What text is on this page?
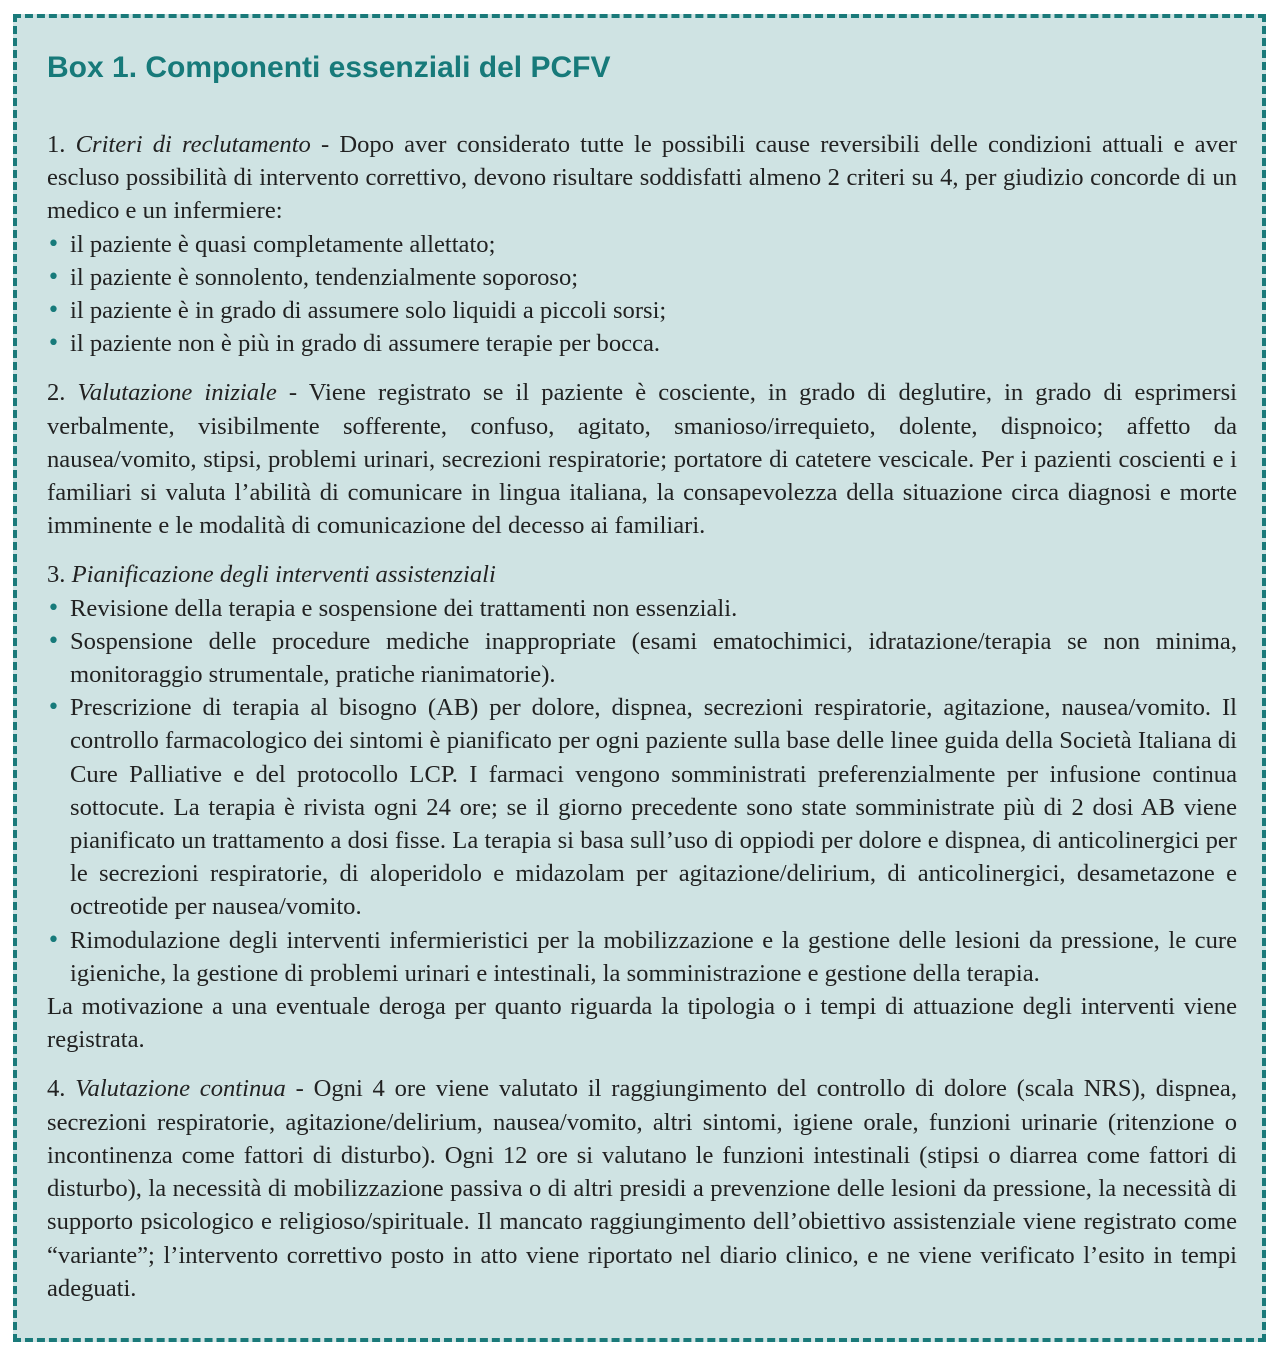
Box 1. Componenti essenziali del PCFV

1. Criteri di reclutamento - Dopo aver considerato tutte le possibili cause reversibili delle condizioni attuali e aver escluso possibilità di intervento correttivo, devono risultare soddisfatti almeno 2 criteri su 4, per giudizio concorde di un medico e un infermiere:

• il paziente è quasi completamente allettato;
• il paziente è sonnolento, tendenzialmente soporoso;
• il paziente è in grado di assumere solo liquidi a piccoli sorsi;
• il paziente non è più in grado di assumere terapie per bocca.

2. Valutazione iniziale - Viene registrato se il paziente è cosciente, in grado di deglutire, in grado di esprimersi verbalmente, visibilmente sofferente, confuso, agitato, smanioso/irrequieto, dolente, dispnoico; affetto da nausea/vomito, stipsi, problemi urinari, secrezioni respiratorie; portatore di catetere vescicale. Per i pazienti coscienti e i familiari si valuta l’abilità di comunicare in lingua italiana, la consapevolezza della situazione circa diagnosi e morte imminente e le modalità di comunicazione del decesso ai familiari.

3. Pianificazione degli interventi assistenziali

• Revisione della terapia e sospensione dei trattamenti non essenziali.
• Sospensione delle procedure mediche inappropriate (esami ematochimici, idratazione/terapia se non minima, monitoraggio strumentale, pratiche rianimatorie).
• Prescrizione di terapia al bisogno (AB) per dolore, dispnea, secrezioni respiratorie, agitazione, nausea/vomito. Il controllo farmacologico dei sintomi è pianificato per ogni paziente sulla base delle linee guida della Società Italiana di Cure Palliative e del protocollo LCP. I farmaci vengono somministrati preferenzialmente per infusione continua sottocute. La terapia è rivista ogni 24 ore; se il giorno precedente sono state somministrate più di 2 dosi AB viene pianificato un trattamento a dosi fisse. La terapia si basa sull’uso di oppiodi per dolore e dispnea, di anticolinergici per le secrezioni respiratorie, di aloperidolo e midazolam per agitazione/delirium, di anticolinergici, desametazone e octreotide per nausea/vomito.
• Rimodulazione degli interventi infermieristici per la mobilizzazione e la gestione delle lesioni da pressione, le cure igieniche, la gestione di problemi urinari e intestinali, la somministrazione e gestione della terapia.

La motivazione a una eventuale deroga per quanto riguarda la tipologia o i tempi di attuazione degli interventi viene registrata.

4. Valutazione continua - Ogni 4 ore viene valutato il raggiungimento del controllo di dolore (scala NRS), dispnea, secrezioni respiratorie, agitazione/delirium, nausea/vomito, altri sintomi, igiene orale, funzioni urinarie (ritenzione o incontinenza come fattori di disturbo). Ogni 12 ore si valutano le funzioni intestinali (stipsi o diarrea come fattori di disturbo), la necessità di mobilizzazione passiva o di altri presidi a prevenzione delle lesioni da pressione, la necessità di supporto psicologico e religioso/spirituale. Il mancato raggiungimento dell’obiettivo assistenziale viene registrato come “variante”; l’intervento correttivo posto in atto viene riportato nel diario clinico, e ne viene verificato l’esito in tempi adeguati.
